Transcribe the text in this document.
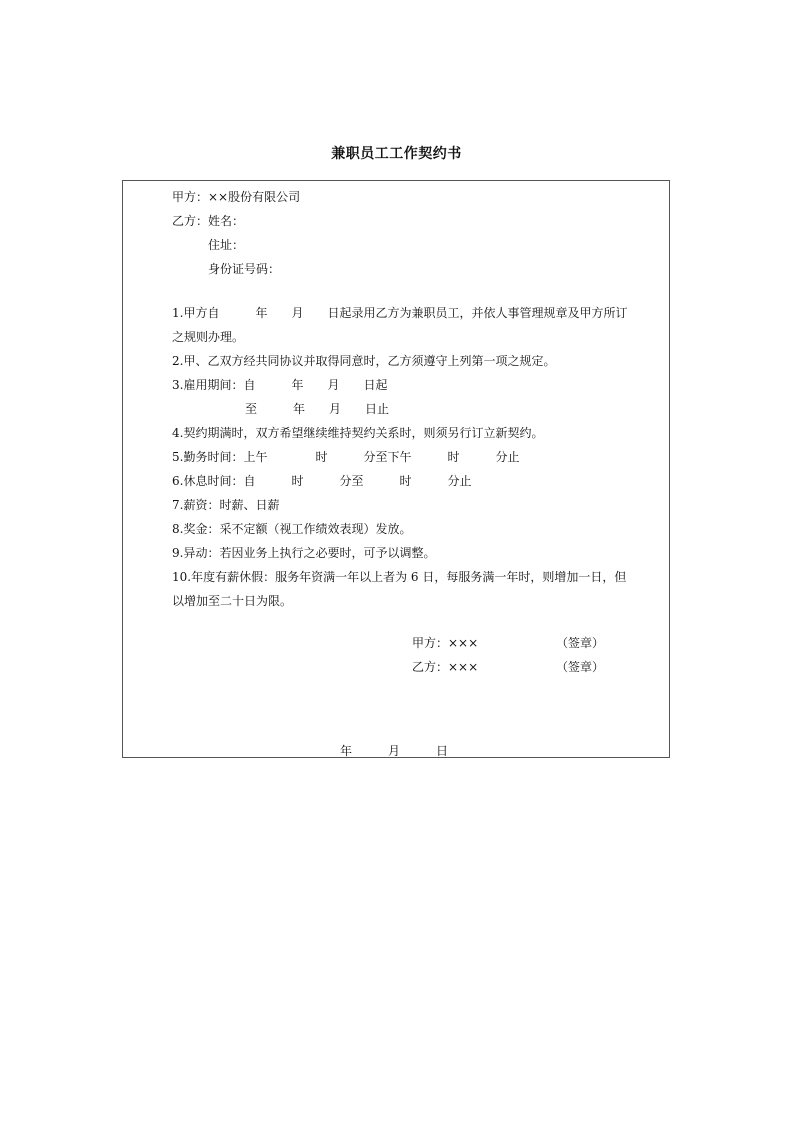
兼职员工工作契约书
甲方：××股份有限公司
乙方：姓名：
住址：
身份证号码：
1.甲方自　　　年　　月　　日起录用乙方为兼职员工，并依人事管理规章及甲方所订
之规则办理。
2.甲、乙双方经共同协议并取得同意时，乙方须遵守上列第一项之规定。
3.雇用期间：自　　　年　　月　　日起
至　　　年　　月　　日止
4.契约期满时，双方希望继续维持契约关系时，则须另行订立新契约。
5.勤务时间：上午　　　　时　　　分至下午　　　时　　　分止
6.休息时间：自　　　时　　　分至　　　时　　　分止
7.薪资：时薪、日薪
8.奖金：采不定额（视工作绩效表现）发放。
9.异动：若因业务上执行之必要时，可予以调整。
10.年度有薪休假：服务年资满一年以上者为 6 日，每服务满一年时，则增加一日，但
以增加至二十日为限。
甲方：×××	（签章）
乙方：×××	（签章）
年　　　月　　　日
